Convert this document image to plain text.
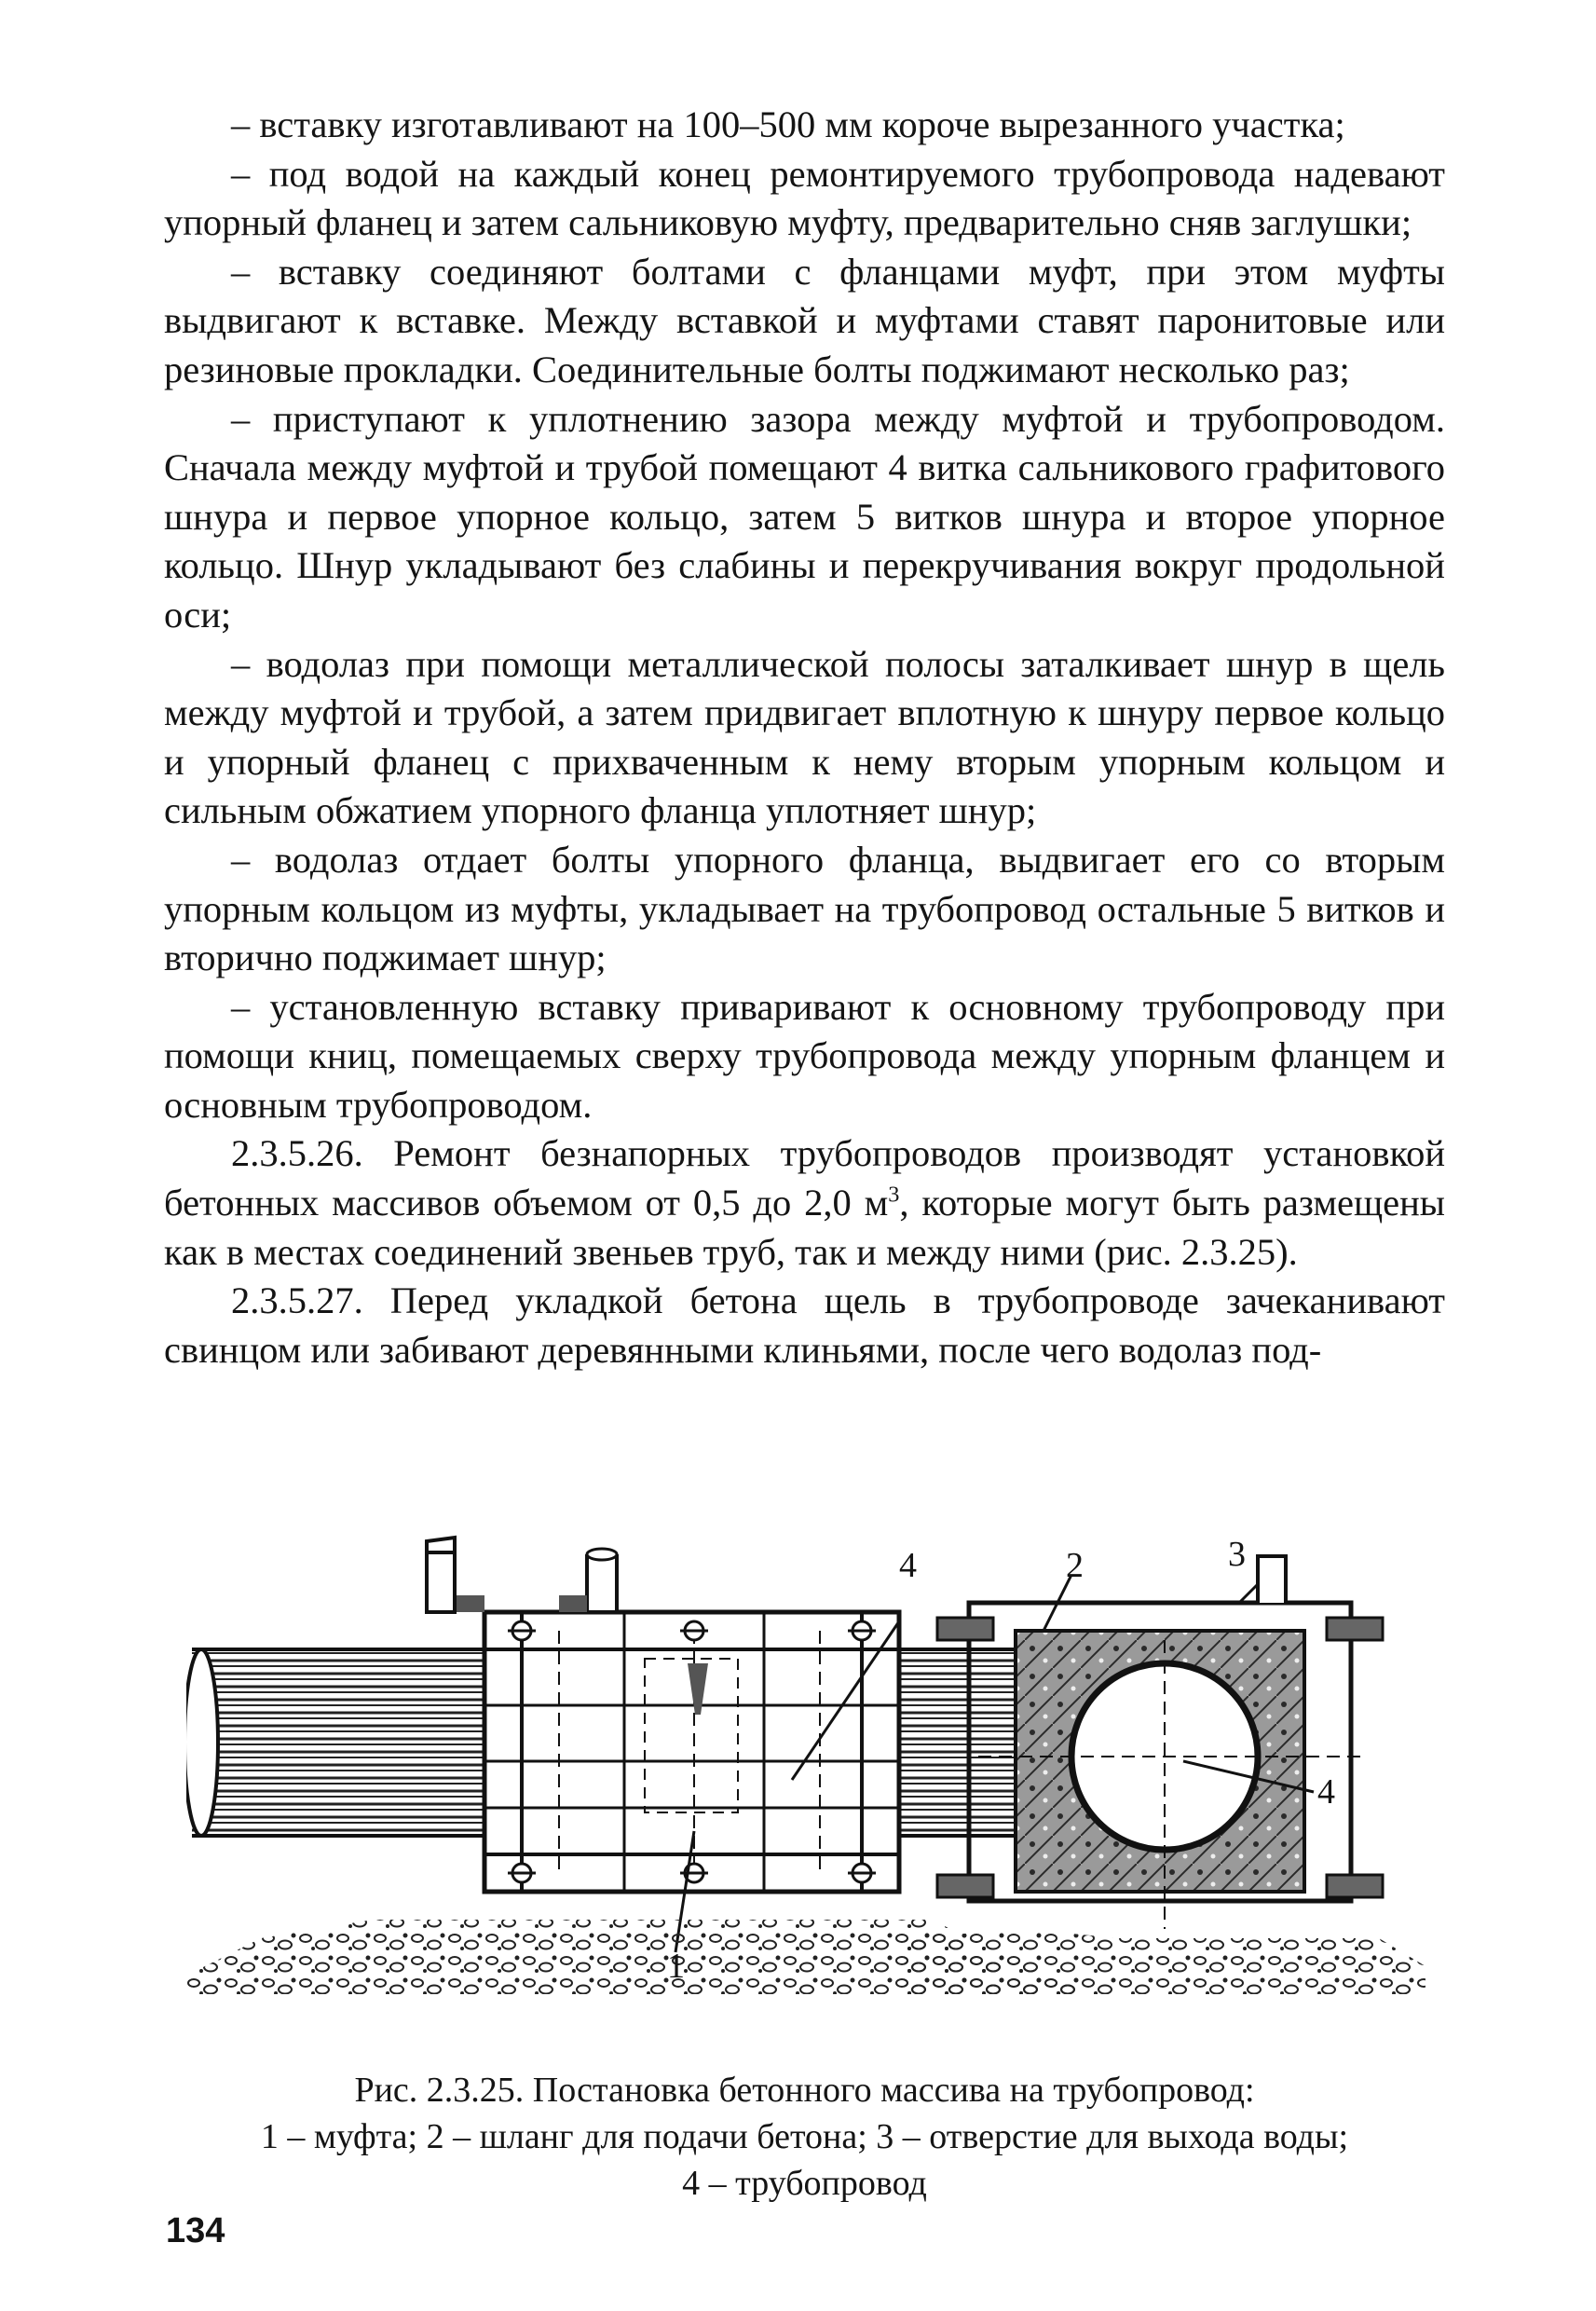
– вставку изготавливают на 100–500 мм короче вырезанного участка;

– под водой на каждый конец ремонтируемого трубопровода надевают упорный фланец и затем сальниковую муфту, предварительно сняв заглушки;

– вставку соединяют болтами с фланцами муфт, при этом муфты выдвигают к вставке. Между вставкой и муфтами ставят паронитовые или резиновые прокладки. Соединительные болты поджимают несколько раз;

– приступают к уплотнению зазора между муфтой и трубопроводом. Сначала между муфтой и трубой помещают 4 витка сальникового графитового шнура и первое упорное кольцо, затем 5 витков шнура и второе упорное кольцо. Шнур укладывают без слабины и перекручивания вокруг продольной оси;

– водолаз при помощи металлической полосы заталкивает шнур в щель между муфтой и трубой, а затем придвигает вплотную к шнуру первое кольцо и упорный фланец с прихваченным к нему вторым упорным кольцом и сильным обжатием упорного фланца уплотняет шнур;

– водолаз отдает болты упорного фланца, выдвигает его со вторым упорным кольцом из муфты, укладывает на трубопровод остальные 5 витков и вторично поджимает шнур;

– установленную вставку приваривают к основному трубопроводу при помощи книц, помещаемых сверху трубопровода между упорным фланцем и основным трубопроводом.

2.3.5.26. Ремонт безнапорных трубопроводов производят установкой бетонных массивов объемом от 0,5 до 2,0 $м^3$, которые могут быть размещены как в местах соединений звеньев труб, так и между ними (рис. 2.3.25).

2.3.5.27. Перед укладкой бетона щель в трубопроводе зачеканивают свинцом или забивают деревянными клиньями, после чего водолаз под-

4
1
2	3
4
Рис. 2.3.25. Постановка бетонного массива на трубопровод:
1 – муфта; 2 – шланг для подачи бетона; 3 – отверстие для выхода воды;
4 – трубопровод
134
